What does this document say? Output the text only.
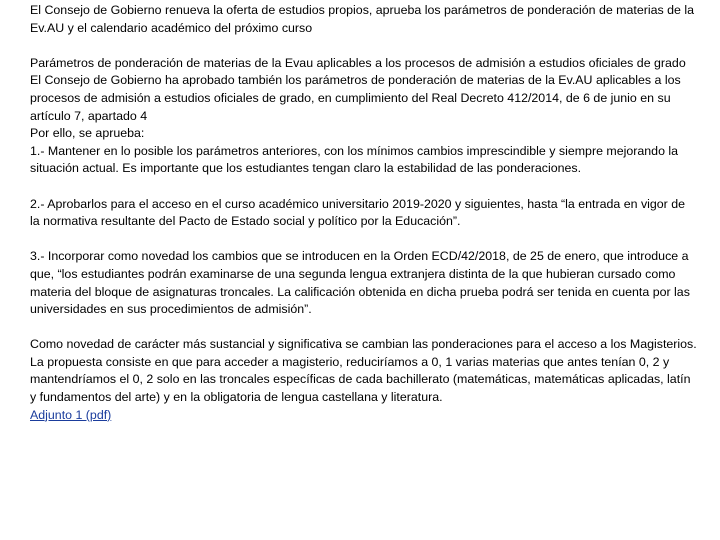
El Consejo de Gobierno renueva la oferta de estudios propios, aprueba los parámetros de ponderación de materias de la Ev.AU y el calendario académico del próximo curso

Parámetros de ponderación de materias de la Evau aplicables a los procesos de admisión a estudios oficiales de grado
El Consejo de Gobierno ha aprobado también los parámetros de ponderación de materias de la Ev.AU aplicables a los procesos de admisión a estudios oficiales de grado, en cumplimiento del Real Decreto 412/2014, de 6 de junio en su artículo 7, apartado 4
Por ello, se aprueba:
1.- Mantener en lo posible los parámetros anteriores, con los mínimos cambios imprescindible y siempre mejorando la situación actual. Es importante que los estudiantes tengan claro la estabilidad de las ponderaciones.

2.- Aprobarlos para el acceso en el curso académico universitario 2019-2020 y siguientes, hasta “la entrada en vigor de la normativa resultante del Pacto de Estado social y político por la Educación”.

3.- Incorporar como novedad los cambios que se introducen en la Orden ECD/42/2018, de 25 de enero, que introduce a que, “los estudiantes podrán examinarse de una segunda lengua extranjera distinta de la que hubieran cursado como materia del bloque de asignaturas troncales. La calificación obtenida en dicha prueba podrá ser tenida en cuenta por las universidades en sus procedimientos de admisión”.

Como novedad de carácter más sustancial y significativa se cambian las ponderaciones para el acceso a los Magisterios. La propuesta consiste en que para acceder a magisterio, reduciríamos a 0, 1 varias materias que antes tenían 0, 2 y mantendríamos el 0, 2 solo en las troncales específicas de cada bachillerato (matemáticas, matemáticas aplicadas, latín y fundamentos del arte) y en la obligatoria de lengua castellana y literatura.
Adjunto 1 (pdf)
